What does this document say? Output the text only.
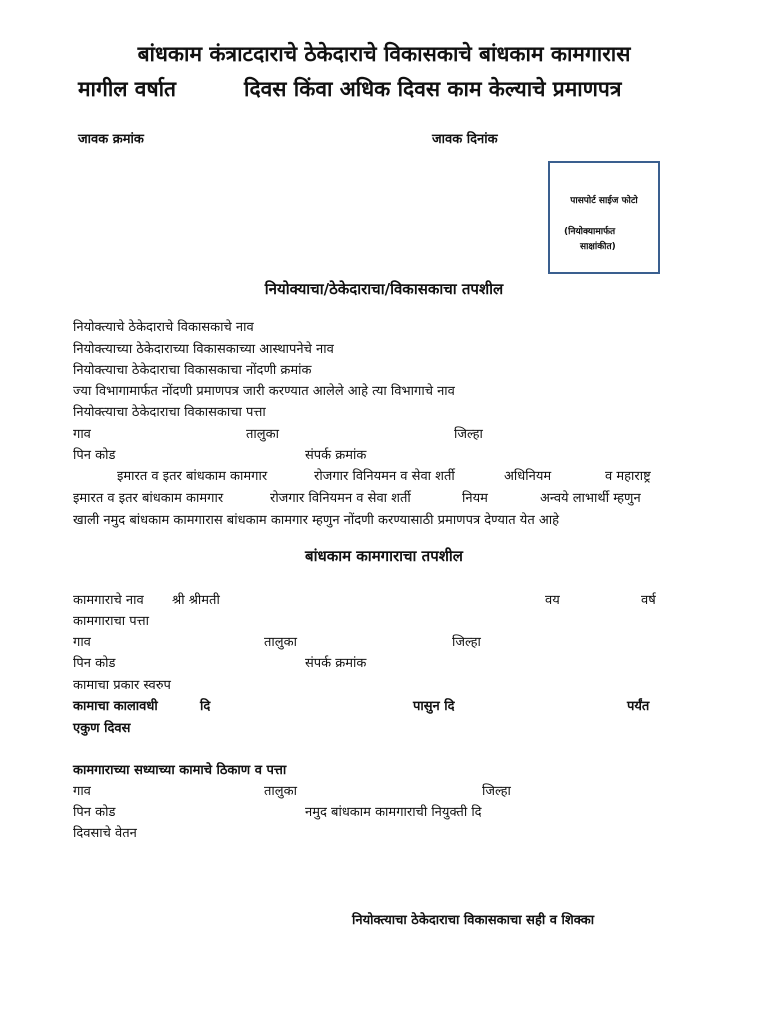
बांधकाम कंत्राटदाराचे ठेकेदाराचे विकासकाचे बांधकाम कामगारास
मागील वर्षात	दिवस किंवा अधिक दिवस काम केल्याचे प्रमाणपत्र
जावक क्रमांक	जावक दिनांक
पासपोर्ट साईज फोटो
(नियोक्यामार्फत
साक्षांकीत)
नियोक्याचा/ठेकेदाराचा/विकासकाचा तपशील
नियोक्त्याचे ठेकेदाराचे विकासकाचे नाव
नियोक्त्याच्या ठेकेदाराच्या विकासकाच्या आस्थापनेचे नाव
नियोक्त्याचा ठेकेदाराचा विकासकाचा नोंदणी क्रमांक
ज्या विभागामार्फत नोंदणी प्रमाणपत्र जारी करण्यात आलेले आहे त्या विभागाचे नाव
नियोक्त्याचा ठेकेदाराचा विकासकाचा पत्ता
गाव	तालुका	जिल्हा
पिन कोड	संपर्क क्रमांक
इमारत व इतर बांधकाम कामगार	रोजगार विनियमन व सेवा शर्ती	अधिनियम	व महाराष्ट्र
इमारत व इतर बांधकाम कामगार	रोजगार विनियमन व सेवा शर्ती	नियम	अन्वये लाभार्थी म्हणुन
खाली नमुद बांधकाम कामगारास बांधकाम कामगार म्हणुन नोंदणी करण्यासाठी प्रमाणपत्र देण्यात येत आहे
बांधकाम कामगाराचा तपशील
कामगाराचे नाव श्री श्रीमती	वय	वर्ष
कामगाराचा पत्ता
गाव	तालुका	जिल्हा
पिन कोड	संपर्क क्रमांक
कामाचा प्रकार स्वरुप
कामाचा कालावधी	दि	पासुन दि	पर्यंत
एकुण दिवस
कामगाराच्या सध्याच्या कामाचे ठिकाण व पत्ता
गाव	तालुका	जिल्हा
पिन कोड	नमुद बांधकाम कामगाराची नियुक्ती दि
दिवसाचे वेतन
नियोक्त्याचा ठेकेदाराचा विकासकाचा सही व शिक्का
